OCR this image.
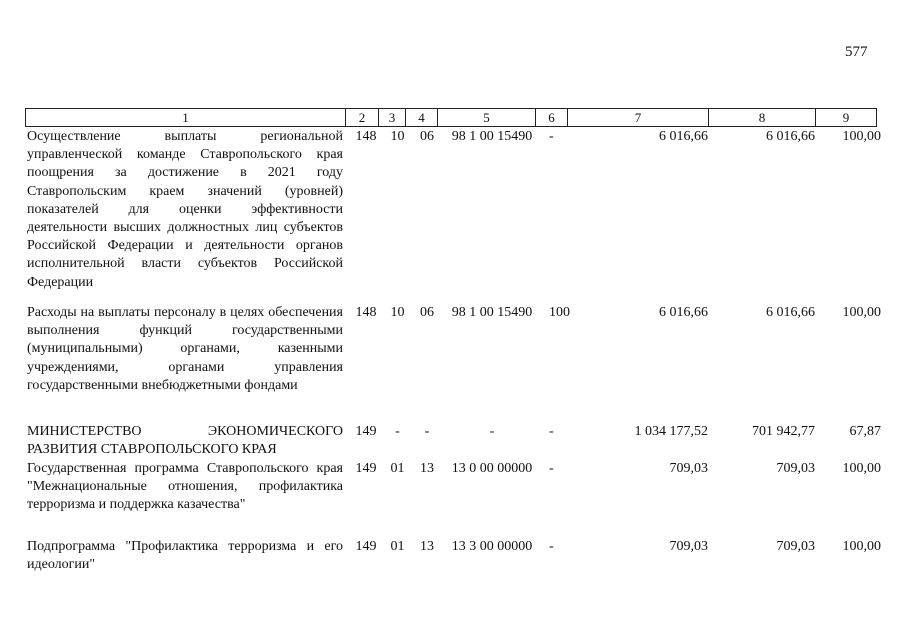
577
1	2	3	4	5	6	7	8	9
Осуществление выплаты региональной управленческой команде Ставропольского края поощрения за достижение в 2021 году Ставропольским краем значений (уровней) показателей для оценки эффективности деятельности высших должностных лиц субъектов Российской Федерации и деятельности органов исполнительной власти субъектов Российской Федерации
148	10	06	98 1 00 15490	-	6 016,66	6 016,66	100,00
Расходы на выплаты персоналу в целях обеспечения выполнения функций государственными (муниципальными) органами, казенными учреждениями, органами управления государственными внебюджетными фондами
148	10	06	98 1 00 15490	100	6 016,66	6 016,66	100,00
МИНИСТЕРСТВО ЭКОНОМИЧЕСКОГО РАЗВИТИЯ СТАВРОПОЛЬСКОГО КРАЯ
149	-	-	-	-	1 034 177,52	701 942,77	67,87
Государственная программа Ставропольского края "Межнациональные отношения, профилактика терроризма и поддержка казачества"
149	01	13	13 0 00 00000	-	709,03	709,03	100,00
Подпрограмма "Профилактика терроризма и его идеологии"
149	01	13	13 3 00 00000	-	709,03	709,03	100,00
